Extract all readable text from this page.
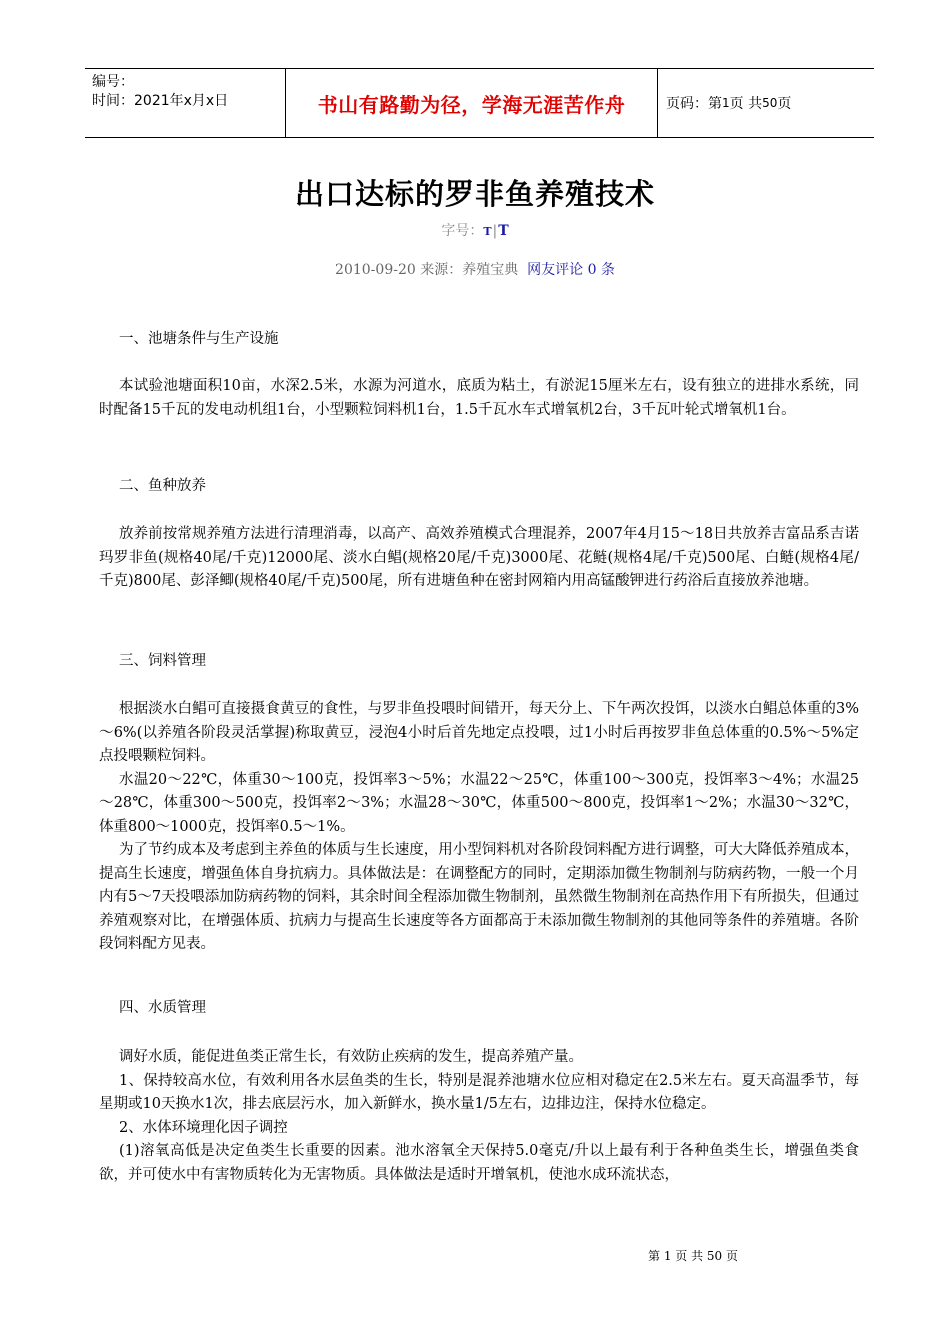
编号：
时间：2021年x月x日	书山有路勤为径，学海无涯苦作舟	页码：第 1 页 共 50 页
出口达标的罗非鱼养殖技术
字号：T|T
2010-09-20 来源：养殖宝典 网友评论 0 条

一、池塘条件与生产设施

本试验池塘面积10亩，水深2.5米，水源为河道水，底质为粘土，有淤泥15厘米左右，设有独立的进排水系统，同时配备15千瓦的发电动机组1台，小型颗粒饲料机1台，1.5千瓦水车式增氧机2台，3千瓦叶轮式增氧机1台。

二、鱼种放养

放养前按常规养殖方法进行清理消毒，以高产、高效养殖模式合理混养，2007年4月15～18日共放养吉富品系吉诺玛罗非鱼(规格40尾/千克)12000尾、淡水白鲳(规格20尾/千克)3000尾、花鲢(规格4尾/千克)500尾、白鲢(规格4尾/千克)800尾、彭泽鲫(规格40尾/千克)500尾，所有进塘鱼种在密封网箱内用高锰酸钾进行药浴后直接放养池塘。

三、饲料管理

根据淡水白鲳可直接摄食黄豆的食性，与罗非鱼投喂时间错开，每天分上、下午两次投饵，以淡水白鲳总体重的3%～6%(以养殖各阶段灵活掌握)称取黄豆，浸泡4小时后首先地定点投喂，过1小时后再按罗非鱼总体重的0.5%～5%定点投喂颗粒饲料。

水温20～22℃，体重30～100克，投饵率3～5%；水温22～25℃，体重100～300克，投饵率3～4%；水温25～28℃，体重300～500克，投饵率2～3%；水温28～30℃，体重500～800克，投饵率1～2%；水温30～32℃，体重800～1000克，投饵率0.5～1%。

为了节约成本及考虑到主养鱼的体质与生长速度，用小型饲料机对各阶段饲料配方进行调整，可大大降低养殖成本，提高生长速度，增强鱼体自身抗病力。具体做法是：在调整配方的同时，定期添加微生物制剂与防病药物，一般一个月内有5～7天投喂添加防病药物的饲料，其余时间全程添加微生物制剂，虽然微生物制剂在高热作用下有所损失，但通过养殖观察对比，在增强体质、抗病力与提高生长速度等各方面都高于未添加微生物制剂的其他同等条件的养殖塘。各阶段饲料配方见表。

四、水质管理

调好水质，能促进鱼类正常生长，有效防止疾病的发生，提高养殖产量。

1、保持较高水位，有效利用各水层鱼类的生长，特别是混养池塘水位应相对稳定在2.5米左右。夏天高温季节，每星期或10天换水1次，排去底层污水，加入新鲜水，换水量1/5左右，边排边注，保持水位稳定。

2、水体环境理化因子调控

(1)溶氧高低是决定鱼类生长重要的因素。池水溶氧全天保持5.0毫克/升以上最有利于各种鱼类生长，增强鱼类食欲，并可使水中有害物质转化为无害物质。具体做法是适时开增氧机，使池水成环流状态，

第 1 页 共 50 页
